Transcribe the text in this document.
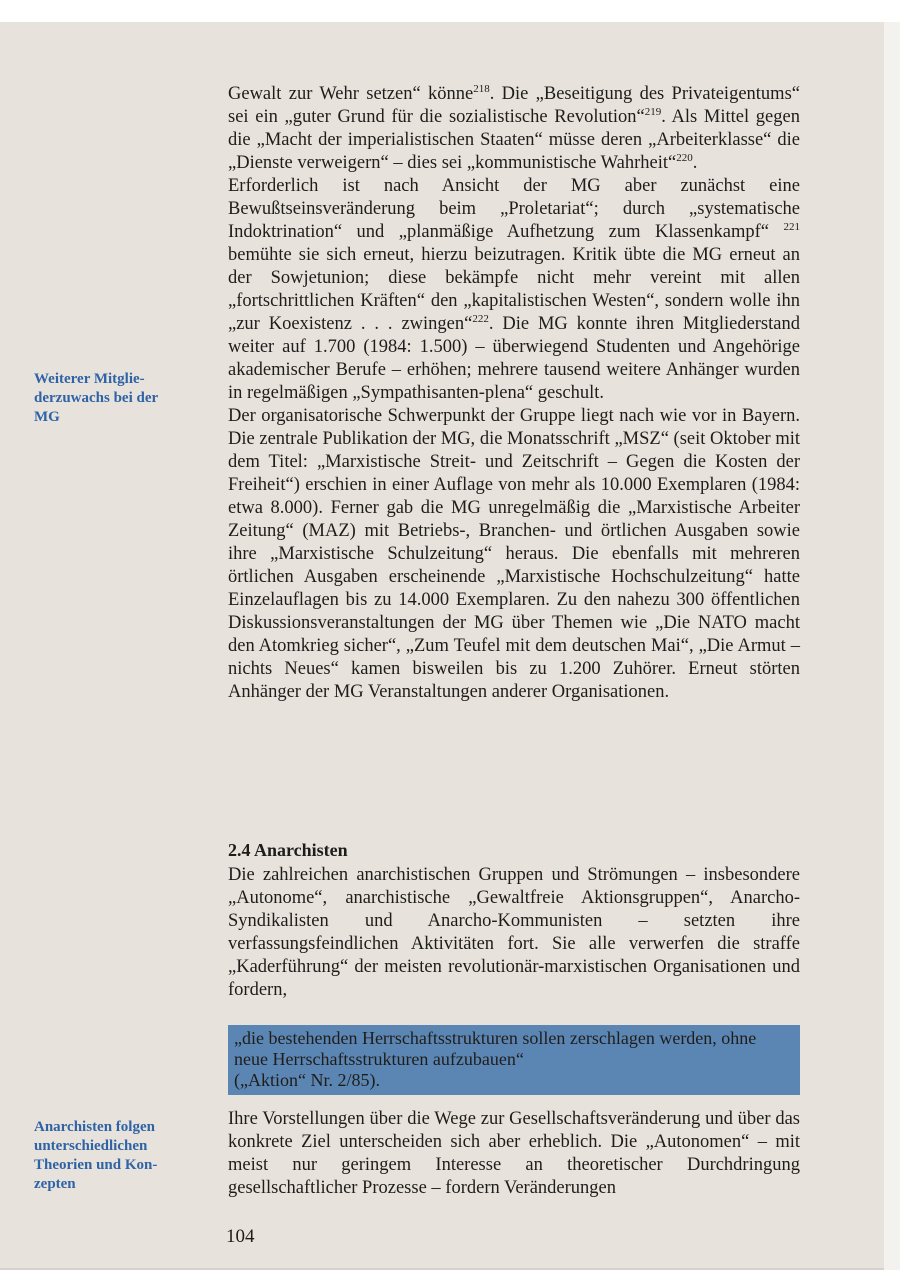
Weiterer Mitglie-
derzuwachs bei der
MG
Anarchisten folgen
unterschiedlichen
Theorien und Kon-
zepten

Gewalt zur Wehr setzen“ könne$^{218}$. Die „Beseitigung des Privateigentums“ sei ein „guter Grund für die sozialistische Revolution“$^{219}$. Als Mittel gegen die „Macht der imperialistischen Staaten“ müsse deren „Arbeiterklasse“ die „Dienste verweigern“ – dies sei „kommunistische Wahrheit“$^{220}$.

Erforderlich ist nach Ansicht der MG aber zunächst eine Bewußtseinsveränderung beim „Proletariat“; durch „systematische Indoktrination“ und „planmäßige Aufhetzung zum Klassenkampf“ $^{221}$ bemühte sie sich erneut, hierzu beizutragen. Kritik übte die MG erneut an der Sowjetunion; diese bekämpfe nicht mehr vereint mit allen „fortschrittlichen Kräften“ den „kapitalistischen Westen“, sondern wolle ihn „zur Koexistenz . . . zwingen“$^{222}$. Die MG konnte ihren Mitgliederstand weiter auf 1.700 (1984: 1.500) – überwiegend Studenten und Angehörige akademischer Berufe – erhöhen; mehrere tausend weitere Anhänger wurden in regelmäßigen „Sympathisanten-plena“ geschult.

Der organisatorische Schwerpunkt der Gruppe liegt nach wie vor in Bayern. Die zentrale Publikation der MG, die Monatsschrift „MSZ“ (seit Oktober mit dem Titel: „Marxistische Streit- und Zeitschrift – Gegen die Kosten der Freiheit“) erschien in einer Auflage von mehr als 10.000 Exemplaren (1984: etwa 8.000). Ferner gab die MG unregelmäßig die „Marxistische Arbeiter Zeitung“ (MAZ) mit Betriebs-, Branchen- und örtlichen Ausgaben sowie ihre „Marxistische Schulzeitung“ heraus. Die ebenfalls mit mehreren örtlichen Ausgaben erscheinende „Marxistische Hochschulzeitung“ hatte Einzelauflagen bis zu 14.000 Exemplaren. Zu den nahezu 300 öffentlichen Diskussionsveranstaltungen der MG über Themen wie „Die NATO macht den Atomkrieg sicher“, „Zum Teufel mit dem deutschen Mai“, „Die Armut – nichts Neues“ kamen bisweilen bis zu 1.200 Zuhörer. Erneut störten Anhänger der MG Veranstaltungen anderer Organisationen.

2.4 Anarchisten

Die zahlreichen anarchistischen Gruppen und Strömungen – insbesondere „Autonome“, anarchistische „Gewaltfreie Aktionsgruppen“, Anarcho-Syndikalisten und Anarcho-Kommunisten – setzten ihre verfassungsfeindlichen Aktivitäten fort. Sie alle verwerfen die straffe „Kaderführung“ der meisten revolutionär-marxistischen Organisationen und fordern,

„die bestehenden Herrschaftsstrukturen sollen zerschlagen werden, ohne neue Herrschaftsstrukturen aufzubauen“

(„Aktion“ Nr. 2/85).

Ihre Vorstellungen über die Wege zur Gesellschaftsveränderung und über das konkrete Ziel unterscheiden sich aber erheblich. Die „Autonomen“ – mit meist nur geringem Interesse an theoretischer Durchdringung gesellschaftlicher Prozesse – fordern Veränderungen

104
